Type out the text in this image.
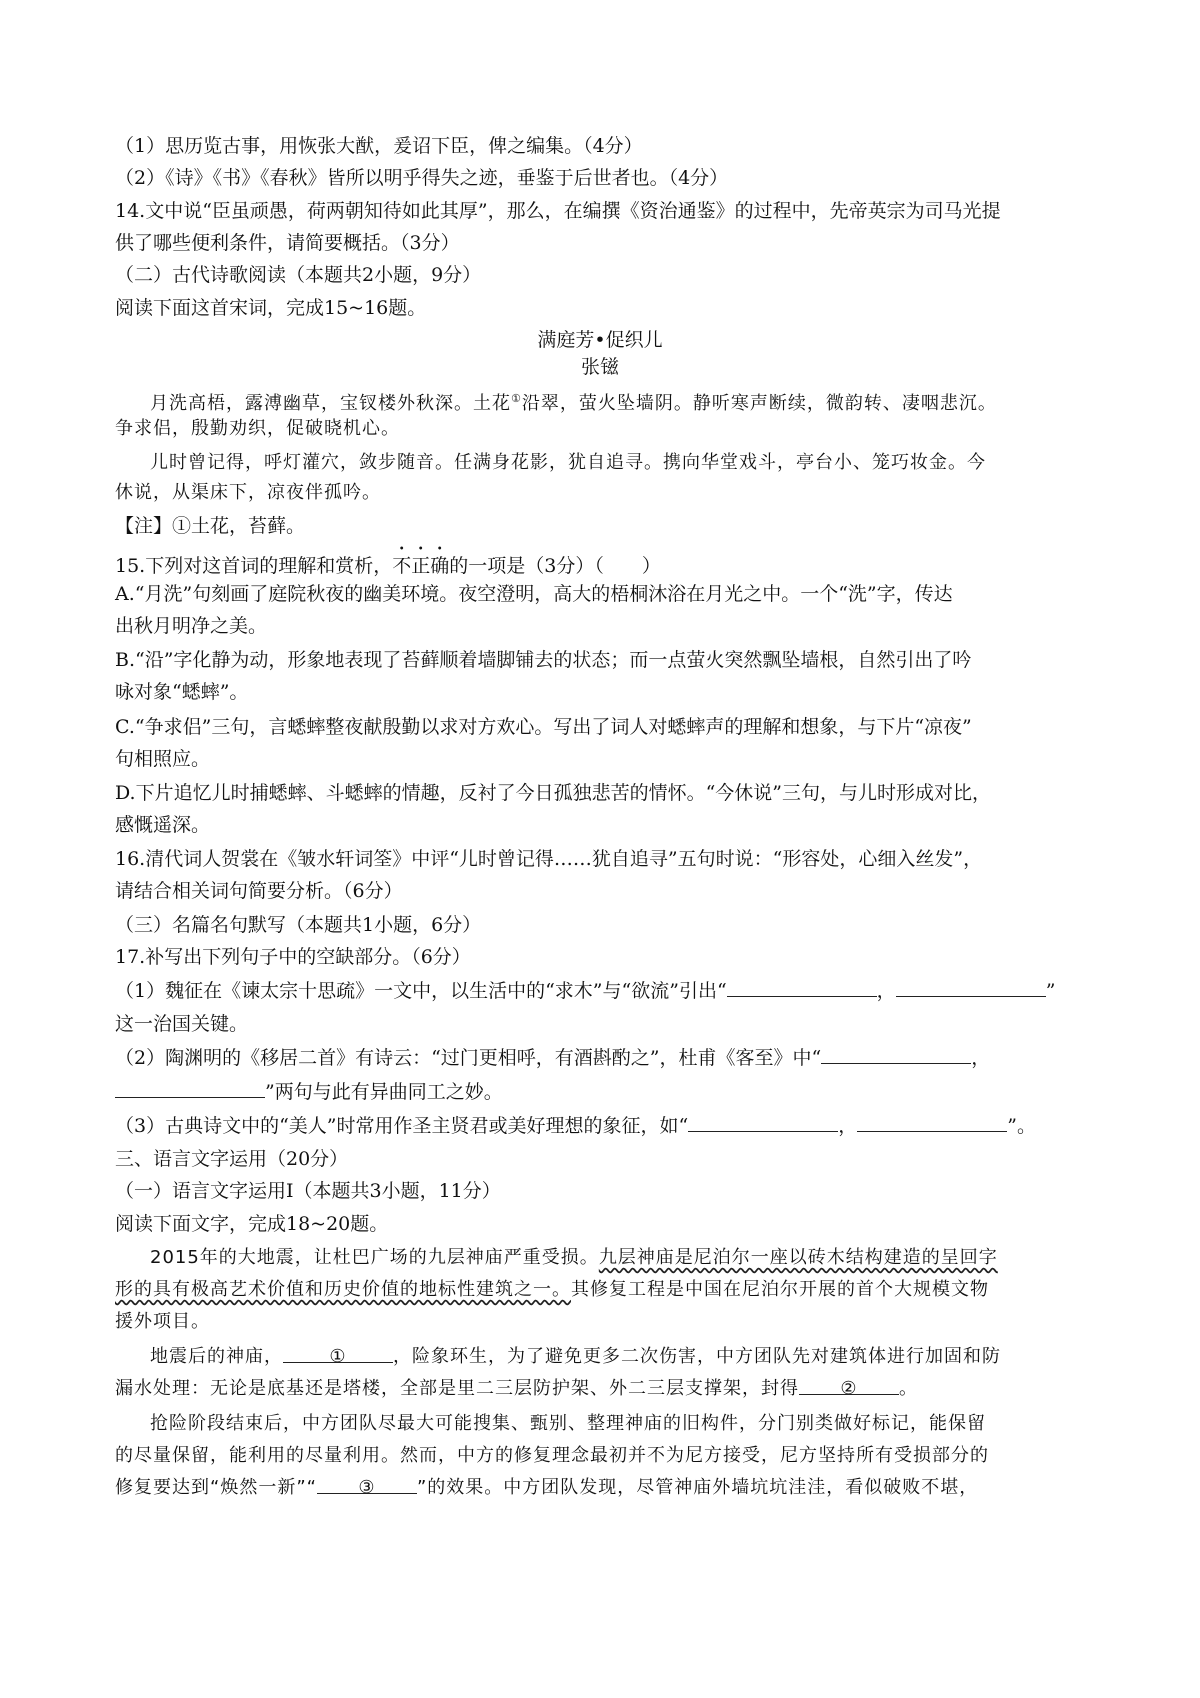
（1）思历览古事，用恢张大猷，爰诏下臣，俾之编集。（4分）
（2）《诗》《书》《春秋》皆所以明乎得失之迹，垂鉴于后世者也。（4分）
14.文中说“臣虽顽愚，荷两朝知待如此其厚”，那么，在编撰《资治通鉴》的过程中，先帝英宗为司马光提
供了哪些便利条件，请简要概括。（3分）
（二）古代诗歌阅读（本题共2小题，9分）
阅读下面这首宋词，完成15~16题。
满庭芳•促织儿
张镃
月洗高梧，露溥幽草，宝钗楼外秋深。土花①沿翠，萤火坠墙阴。静听寒声断续，微韵转、凄咽悲沉。
争求侣，殷勤劝织，促破晓机心。
儿时曾记得，呼灯灌穴，敛步随音。任满身花影，犹自追寻。携向华堂戏斗，亭台小、笼巧妆金。今
休说，从渠床下，凉夜伴孤吟。
【注】①土花，苔藓。
15.下列对这首词的理解和赏析，不正确的一项是（3分）（　　）
A.“月洗”句刻画了庭院秋夜的幽美环境。夜空澄明，高大的梧桐沐浴在月光之中。一个“洗”字，传达
出秋月明净之美。
B.“沿”字化静为动，形象地表现了苔藓顺着墙脚铺去的状态；而一点萤火突然飘坠墙根，自然引出了吟
咏对象“蟋蟀”。
C.“争求侣”三句，言蟋蟀整夜献殷勤以求对方欢心。写出了词人对蟋蟀声的理解和想象，与下片“凉夜”
句相照应。
D.下片追忆儿时捕蟋蟀、斗蟋蟀的情趣，反衬了今日孤独悲苦的情怀。“今休说”三句，与儿时形成对比，
感慨遥深。
16.清代词人贺裳在《皱水轩词筌》中评“儿时曾记得……犹自追寻”五句时说：“形容处，心细入丝发”，
请结合相关词句简要分析。（6分）
（三）名篇名句默写（本题共1小题，6分）
17.补写出下列句子中的空缺部分。（6分）
（1）魏征在《谏太宗十思疏》一文中，以生活中的“求木”与“欲流”引出“	，	”
这一治国关键。
（2）陶渊明的《移居二首》有诗云：“过门更相呼，有酒斟酌之”，杜甫《客至》中“	，
”两句与此有异曲同工之妙。
（3）古典诗文中的“美人”时常用作圣主贤君或美好理想的象征，如“	，	”。
三、语言文字运用（20分）
（一）语言文字运用Ⅰ（本题共3小题，11分）
阅读下面文字，完成18~20题。
2015年的大地震，让杜巴广场的九层神庙严重受损。九层神庙是尼泊尔一座以砖木结构建造的呈回字
形的具有极高艺术价值和历史价值的地标性建筑之一。其修复工程是中国在尼泊尔开展的首个大规模文物
援外项目。
地震后的神庙，	①	，险象环生，为了避免更多二次伤害，中方团队先对建筑体进行加固和防
漏水处理：无论是底基还是塔楼，全部是里二三层防护架、外二三层支撑架，封得 ② 。
抢险阶段结束后，中方团队尽最大可能搜集、甄别、整理神庙的旧构件，分门别类做好标记，能保留
的尽量保留，能利用的尽量利用。然而，中方的修复理念最初并不为尼方接受，尼方坚持所有受损部分的
修复要达到“焕然一新”“ ③ ”的效果。中方团队发现，尽管神庙外墙坑坑洼洼，看似破败不堪，
